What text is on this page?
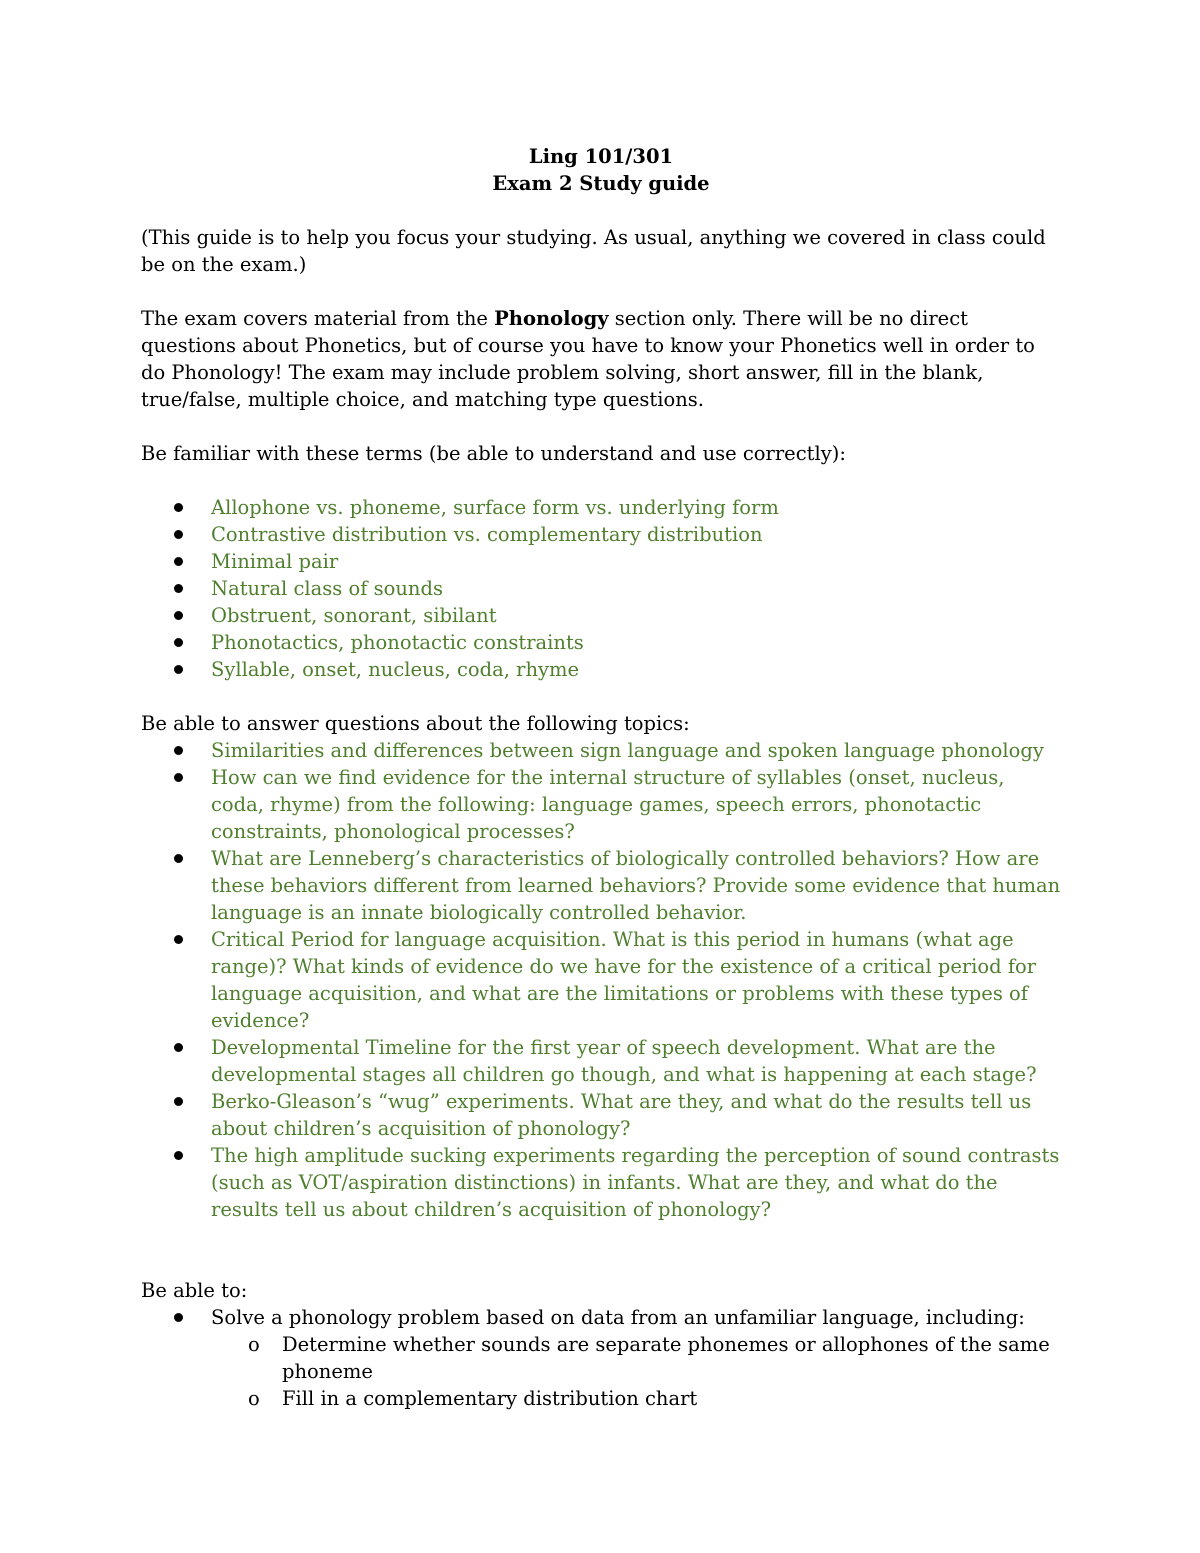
Ling 101/301
Exam 2 Study guide

(This guide is to help you focus your studying. As usual, anything we covered in class could be on the exam.)

The exam covers material from the Phonology section only. There will be no direct questions about Phonetics, but of course you have to know your Phonetics well in order to do Phonology! The exam may include problem solving, short answer, fill in the blank, true/false, multiple choice, and matching type questions.

Be familiar with these terms (be able to understand and use correctly):
Allophone vs. phoneme, surface form vs. underlying form
Contrastive distribution vs. complementary distribution
Minimal pair
Natural class of sounds
Obstruent, sonorant, sibilant
Phonotactics, phonotactic constraints
Syllable, onset, nucleus, coda, rhyme
Be able to answer questions about the following topics:
Similarities and differences between sign language and spoken language phonology
How can we find evidence for the internal structure of syllables (onset, nucleus, coda, rhyme) from the following: language games, speech errors, phonotactic constraints, phonological processes?
What are Lenneberg’s characteristics of biologically controlled behaviors? How are these behaviors different from learned behaviors? Provide some evidence that human language is an innate biologically controlled behavior.
Critical Period for language acquisition. What is this period in humans (what age range)? What kinds of evidence do we have for the existence of a critical period for language acquisition, and what are the limitations or problems with these types of evidence?
Developmental Timeline for the first year of speech development. What are the developmental stages all children go though, and what is happening at each stage?
Berko-Gleason’s “wug” experiments. What are they, and what do the results tell us about children’s acquisition of phonology?
The high amplitude sucking experiments regarding the perception of sound contrasts (such as VOT/aspiration distinctions) in infants. What are they, and what do the results tell us about children’s acquisition of phonology?
Be able to:
Solve a phonology problem based on data from an unfamiliar language, including:
o Determine whether sounds are separate phonemes or allophones of the same phoneme
o Fill in a complementary distribution chart
